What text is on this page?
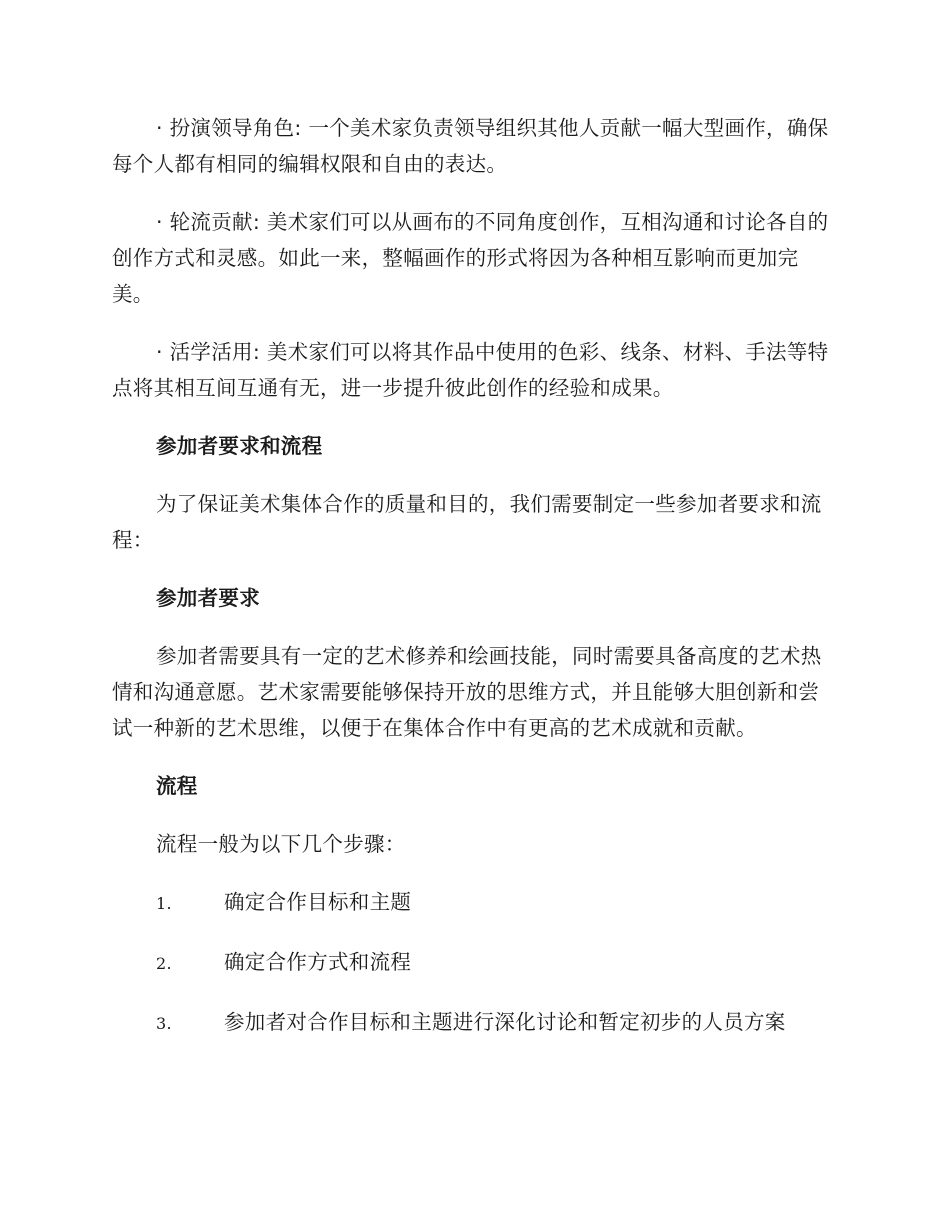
· 扮演领导角色: 一个美术家负责领导组织其他人贡献一幅大型画作，确保每个人都有相同的编辑权限和自由的表达。

· 轮流贡献: 美术家们可以从画布的不同角度创作，互相沟通和讨论各自的创作方式和灵感。如此一来，整幅画作的形式将因为各种相互影响而更加完美。

· 活学活用: 美术家们可以将其作品中使用的色彩、线条、材料、手法等特点将其相互间互通有无，进一步提升彼此创作的经验和成果。

参加者要求和流程

为了保证美术集体合作的质量和目的，我们需要制定一些参加者要求和流程：

参加者要求

参加者需要具有一定的艺术修养和绘画技能，同时需要具备高度的艺术热情和沟通意愿。艺术家需要能够保持开放的思维方式，并且能够大胆创新和尝试一种新的艺术思维，以便于在集体合作中有更高的艺术成就和贡献。

流程

流程一般为以下几个步骤：

1.	确定合作目标和主题
2.	确定合作方式和流程
3.	参加者对合作目标和主题进行深化讨论和暂定初步的人员方案
